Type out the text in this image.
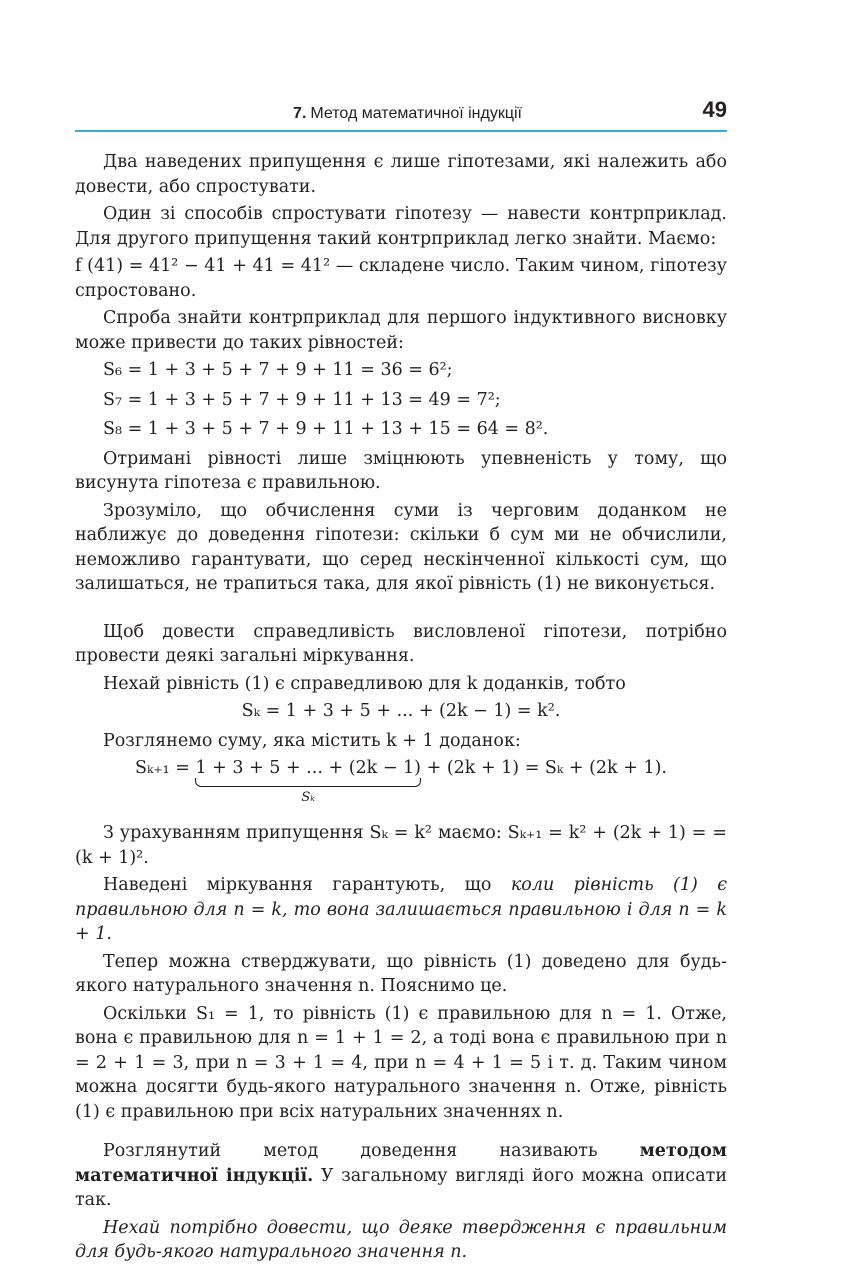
7. Метод математичної індукції	49

Два наведених припущення є лише гіпотезами, які належить або довести, або спростувати.

Один зі способів спростувати гіпотезу — навести контрприклад. Для другого припущення такий контрприклад легко знайти. Маємо:

f (41) = 41² − 41 + 41 = 41² — складене число. Таким чином, гіпотезу спростовано.

Спроба знайти контрприклад для першого індуктивного висновку може привести до таких рівностей:

S₆ = 1 + 3 + 5 + 7 + 9 + 11 = 36 = 6²;
S₇ = 1 + 3 + 5 + 7 + 9 + 11 + 13 = 49 = 7²;
S₈ = 1 + 3 + 5 + 7 + 9 + 11 + 13 + 15 = 64 = 8².

Отримані рівності лише зміцнюють упевненість у тому, що висунута гіпотеза є правильною.

Зрозуміло, що обчислення суми із черговим доданком не наближує до доведення гіпотези: скільки б сум ми не обчислили, неможливо гарантувати, що серед нескінченної кількості сум, що залишаться, не трапиться така, для якої рівність (1) не виконується.

Щоб довести справедливість висловленої гіпотези, потрібно провести деякі загальні міркування.

Нехай рівність (1) є справедливою для k доданків, тобто

Sₖ = 1 + 3 + 5 + ... + (2k − 1) = k².

Розглянемо суму, яка містить k + 1 доданок:

Sₖ₊₁ = 1 + 3 + 5 + ... + (2k − 1)
Sₖ
+ (2k + 1) = Sₖ + (2k + 1).

З урахуванням припущення Sₖ = k² маємо: Sₖ₊₁ = k² + (2k + 1) = = (k + 1)².

Наведені міркування гарантують, що коли рівність (1) є правильною для n = k, то вона залишається правильною і для n = k + 1.

Тепер можна стверджувати, що рівність (1) доведено для будь-якого натурального значення n. Пояснимо це.

Оскільки S₁ = 1, то рівність (1) є правильною для n = 1. Отже, вона є правильною для n = 1 + 1 = 2, а тоді вона є правильною при n = 2 + 1 = 3, при n = 3 + 1 = 4, при n = 4 + 1 = 5 і т. д. Таким чином можна досягти будь-якого натурального значення n. Отже, рівність (1) є правильною при всіх натуральних значеннях n.

Розглянутий метод доведення називають методом математичної індукції. У загальному вигляді його можна описати так.

Нехай потрібно довести, що деяке твердження є правильним для будь-якого натурального значення n.
